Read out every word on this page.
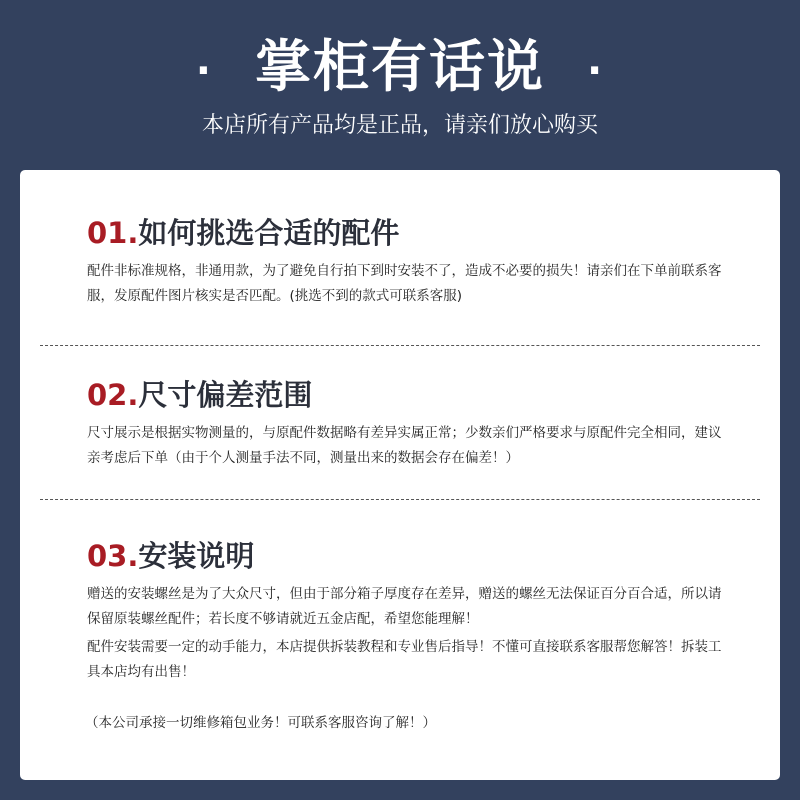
· 掌柜有话说 ·
本店所有产品均是正品，请亲们放心购买
01.如何挑选合适的配件

配件非标准规格，非通用款，为了避免自行拍下到时安装不了，造成不必要的损失！请亲们在下单前联系客服，发原配件图片核实是否匹配。(挑选不到的款式可联系客服)

02.尺寸偏差范围

尺寸展示是根据实物测量的，与原配件数据略有差异实属正常；少数亲们严格要求与原配件完全相同，建议亲考虑后下单（由于个人测量手法不同，测量出来的数据会存在偏差！）

03.安装说明

赠送的安装螺丝是为了大众尺寸，但由于部分箱子厚度存在差异，赠送的螺丝无法保证百分百合适，所以请保留原装螺丝配件；若长度不够请就近五金店配，希望您能理解！

配件安装需要一定的动手能力，本店提供拆装教程和专业售后指导！不懂可直接联系客服帮您解答！拆装工具本店均有出售！

（本公司承接一切维修箱包业务！可联系客服咨询了解！）
